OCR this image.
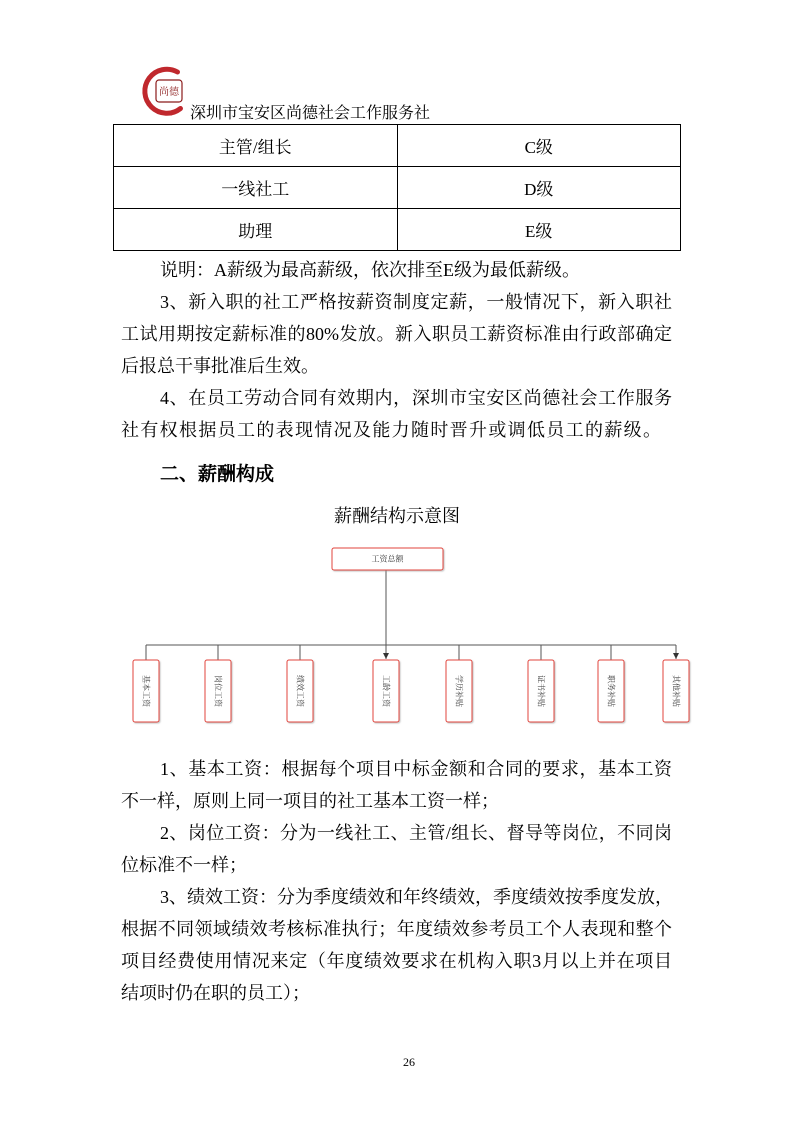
尚德
深圳市宝安区尚德社会工作服务社
主管/组长	C级
一线社工	D级
助理	E级
说明：A薪级为最高薪级，依次排至E级为最低薪级。
3、新入职的社工严格按薪资制度定薪，一般情况下，新入职社
工试用期按定薪标准的80%发放。新入职员工薪资标准由行政部确定
后报总干事批准后生效。
4、在员工劳动合同有效期内，深圳市宝安区尚德社会工作服务
社有权根据员工的表现情况及能力随时晋升或调低员工的薪级。
二、薪酬构成
薪酬结构示意图
工资总额
基本工资	岗位工资	绩效工资	工龄工资	学历补贴	证书补贴	职务补贴	其他补贴
1、基本工资：根据每个项目中标金额和合同的要求，基本工资
不一样，原则上同一项目的社工基本工资一样；
2、岗位工资：分为一线社工、主管/组长、督导等岗位，不同岗
位标准不一样；
3、绩效工资：分为季度绩效和年终绩效，季度绩效按季度发放，
根据不同领域绩效考核标准执行；年度绩效参考员工个人表现和整个
项目经费使用情况来定（年度绩效要求在机构入职3月以上并在项目
结项时仍在职的员工）；
26
